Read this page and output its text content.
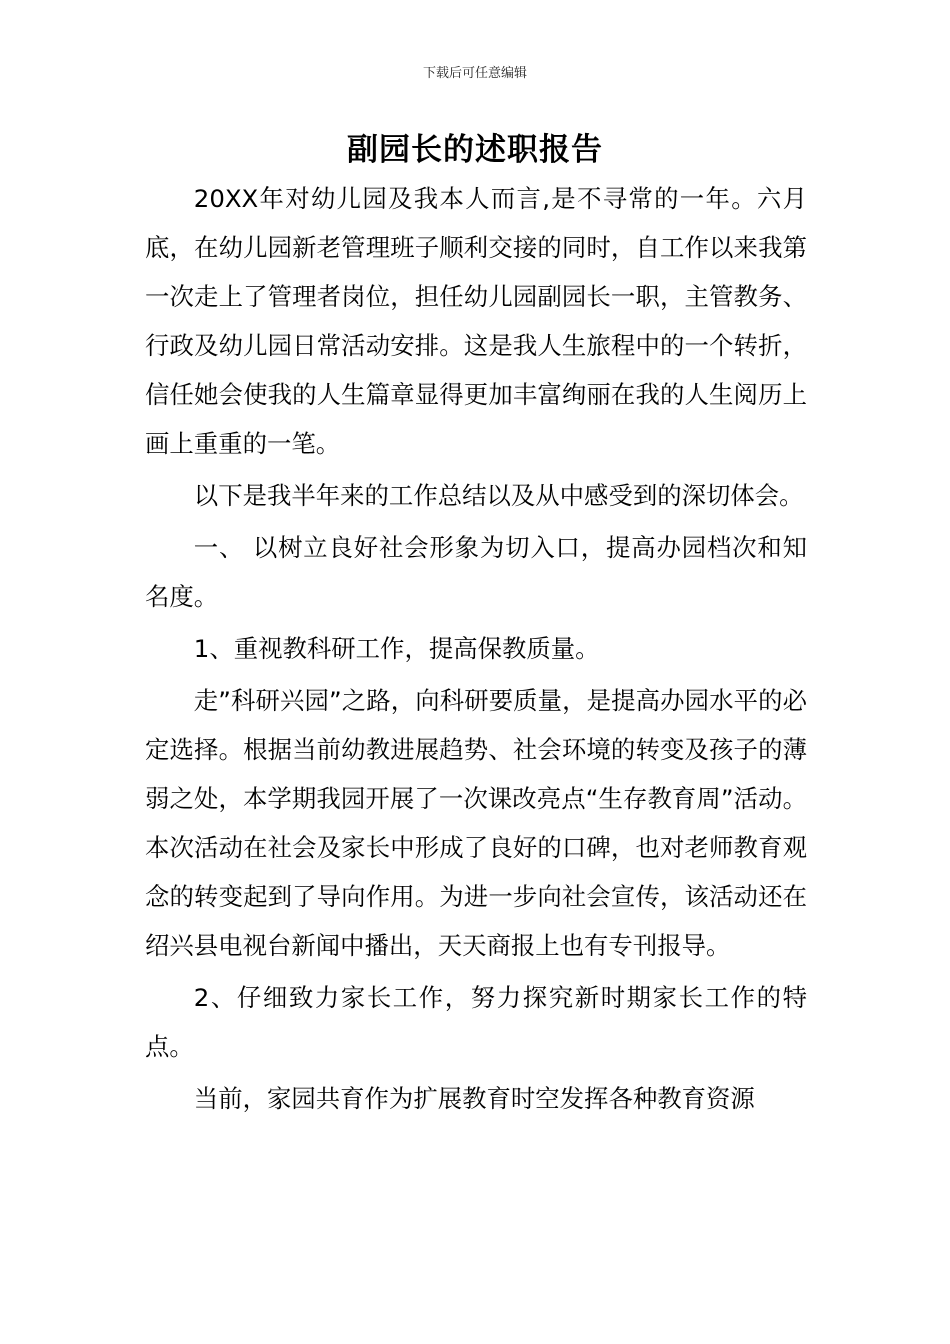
下载后可任意编辑
副园长的述职报告

20XX年对幼儿园及我本人而言,是不寻常的一年。六月底，在幼儿园新老管理班子顺利交接的同时，自工作以来我第一次走上了管理者岗位，担任幼儿园副园长一职，主管教务、行政及幼儿园日常活动安排。这是我人生旅程中的一个转折，信任她会使我的人生篇章显得更加丰富绚丽在我的人生阅历上画上重重的一笔。

以下是我半年来的工作总结以及从中感受到的深切体会。

一、 以树立良好社会形象为切入口，提高办园档次和知名度。

1、重视教科研工作，提高保教质量。

走”科研兴园”之路，向科研要质量，是提高办园水平的必定选择。根据当前幼教进展趋势、社会环境的转变及孩子的薄弱之处，本学期我园开展了一次课改亮点“生存教育周”活动。本次活动在社会及家长中形成了良好的口碑，也对老师教育观念的转变起到了导向作用。为进一步向社会宣传，该活动还在绍兴县电视台新闻中播出，天天商报上也有专刊报导。

2、仔细致力家长工作，努力探究新时期家长工作的特点。

当前，家园共育作为扩展教育时空发挥各种教育资源
